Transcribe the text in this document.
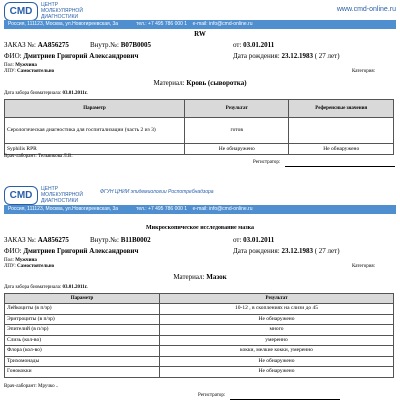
CMD
ЦЕНТР
МОЛЕКУЛЯРНОЙ
ДИАГНОСТИКИ
www.cmd-online.ru
Россия, 111123, Москва, ул.Новогиреевская, 3а	тел.: +7 495 786 000 1 e-mail: info@cmd-online.ru
RW
ЗАКАЗ №: AA856275	Внутр.№: B07B0005	от: 03.01.2011
ФИО: Дмитриев Григорий Александрович	Дата рождения: 23.12.1983 ( 27 лет)
Пол: Мужчина
ЛПУ: Самостоятельно	Категория:
Материал: Кровь (сыворотка)
Дата забора биоматериала: 03.01.2011г.
Параметр	Результат	Референсные значения
Серологическая диагностика для госпитализации (часть 2 из 3)	готов	
Syphilis RPR	Не обнаружено	Не обнаружено
Врач-лаборант: Тельвикова Л.В.
Регистратор:
CMD
ЦЕНТР
МОЛЕКУЛЯРНОЙ
ДИАГНОСТИКИ
ФГУН ЦНИИ эпидемиологии Роспотребнадзора
Россия, 111123, Москва, ул.Новогиреевская, 3а	тел.: +7 495 786 000 1 e-mail: info@cmd-online.ru
Микроскопическое исследование мазка
ЗАКАЗ №: AA856275	Внутр.№: B11B0002	от: 03.01.2011
ФИО: Дмитриев Григорий Александрович	Дата рождения: 23.12.1983 ( 27 лет)
Пол: Мужчина
ЛПУ: Самостоятельно	Категория:
Материал: Мазок
Дата забора биоматериала: 03.01.2011г.
Параметр	Результат
Лейкоциты (в п/зр)	10-12 , в скоплениях на слизи до 45
Эритроциты (в п/зр)	Не обнаружено
Эпителий (в п/зр)	много
Слизь (кол-во)	умеренно
Флора (кол-во)	кокки, мелкие кокки, умеренно
Трихомонады	Не обнаружено
Гонококки	Не обнаружено
Врач-лаборант: Мручко ..
Регистратор:
